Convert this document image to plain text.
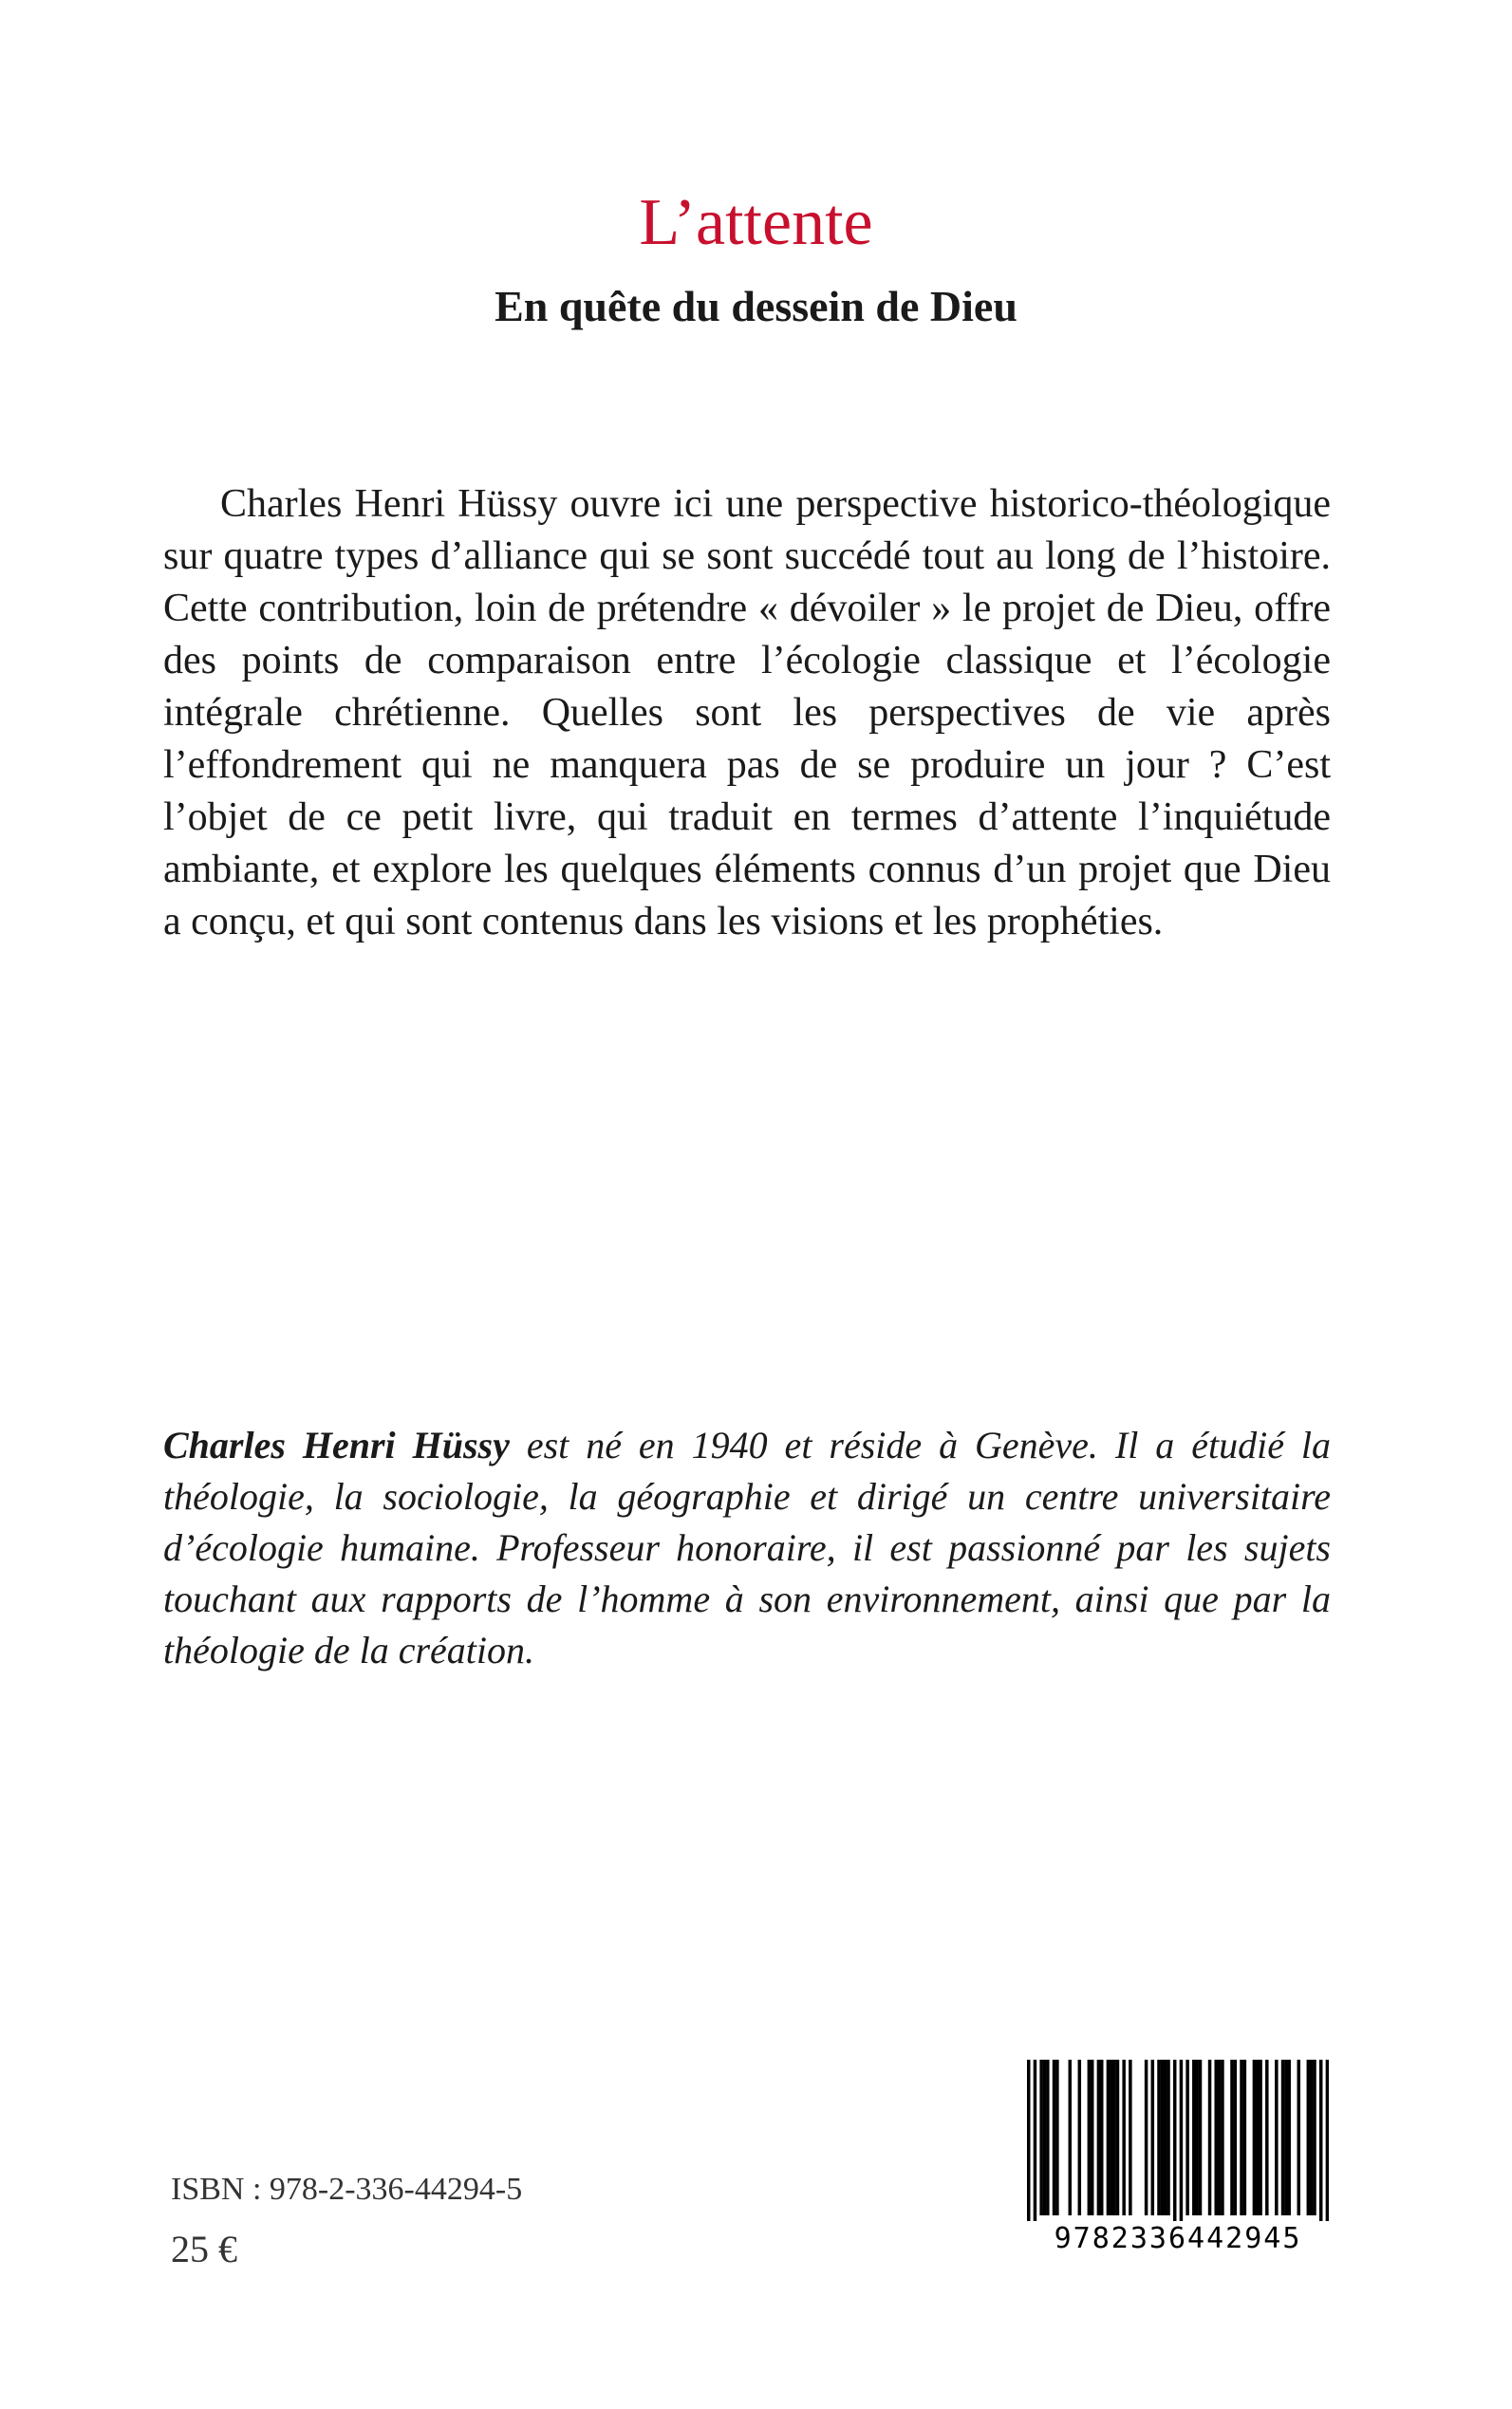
L’attente
En quête du dessein de Dieu

Charles Henri Hüssy ouvre ici une perspective historico-théologique sur quatre types d’alliance qui se sont succédé tout au long de l’histoire. Cette contribution, loin de prétendre « dévoiler » le projet de Dieu, offre des points de comparaison entre l’écologie classique et l’écologie intégrale chrétienne. Quelles sont les perspectives de vie après l’effondrement qui ne manquera pas de se produire un jour ? C’est l’objet de ce petit livre, qui traduit en termes d’attente l’inquiétude ambiante, et explore les quelques éléments connus d’un projet que Dieu a conçu, et qui sont contenus dans les visions et les prophéties.

Charles Henri Hüssy est né en 1940 et réside à Genève. Il a étudié la théologie, la sociologie, la géographie et dirigé un centre universitaire d’écologie humaine. Professeur honoraire, il est passionné par les sujets touchant aux rapports de l’homme à son environnement, ainsi que par la théologie de la création.

ISBN : 978-2-336-44294-5
25 €	9782336442945
